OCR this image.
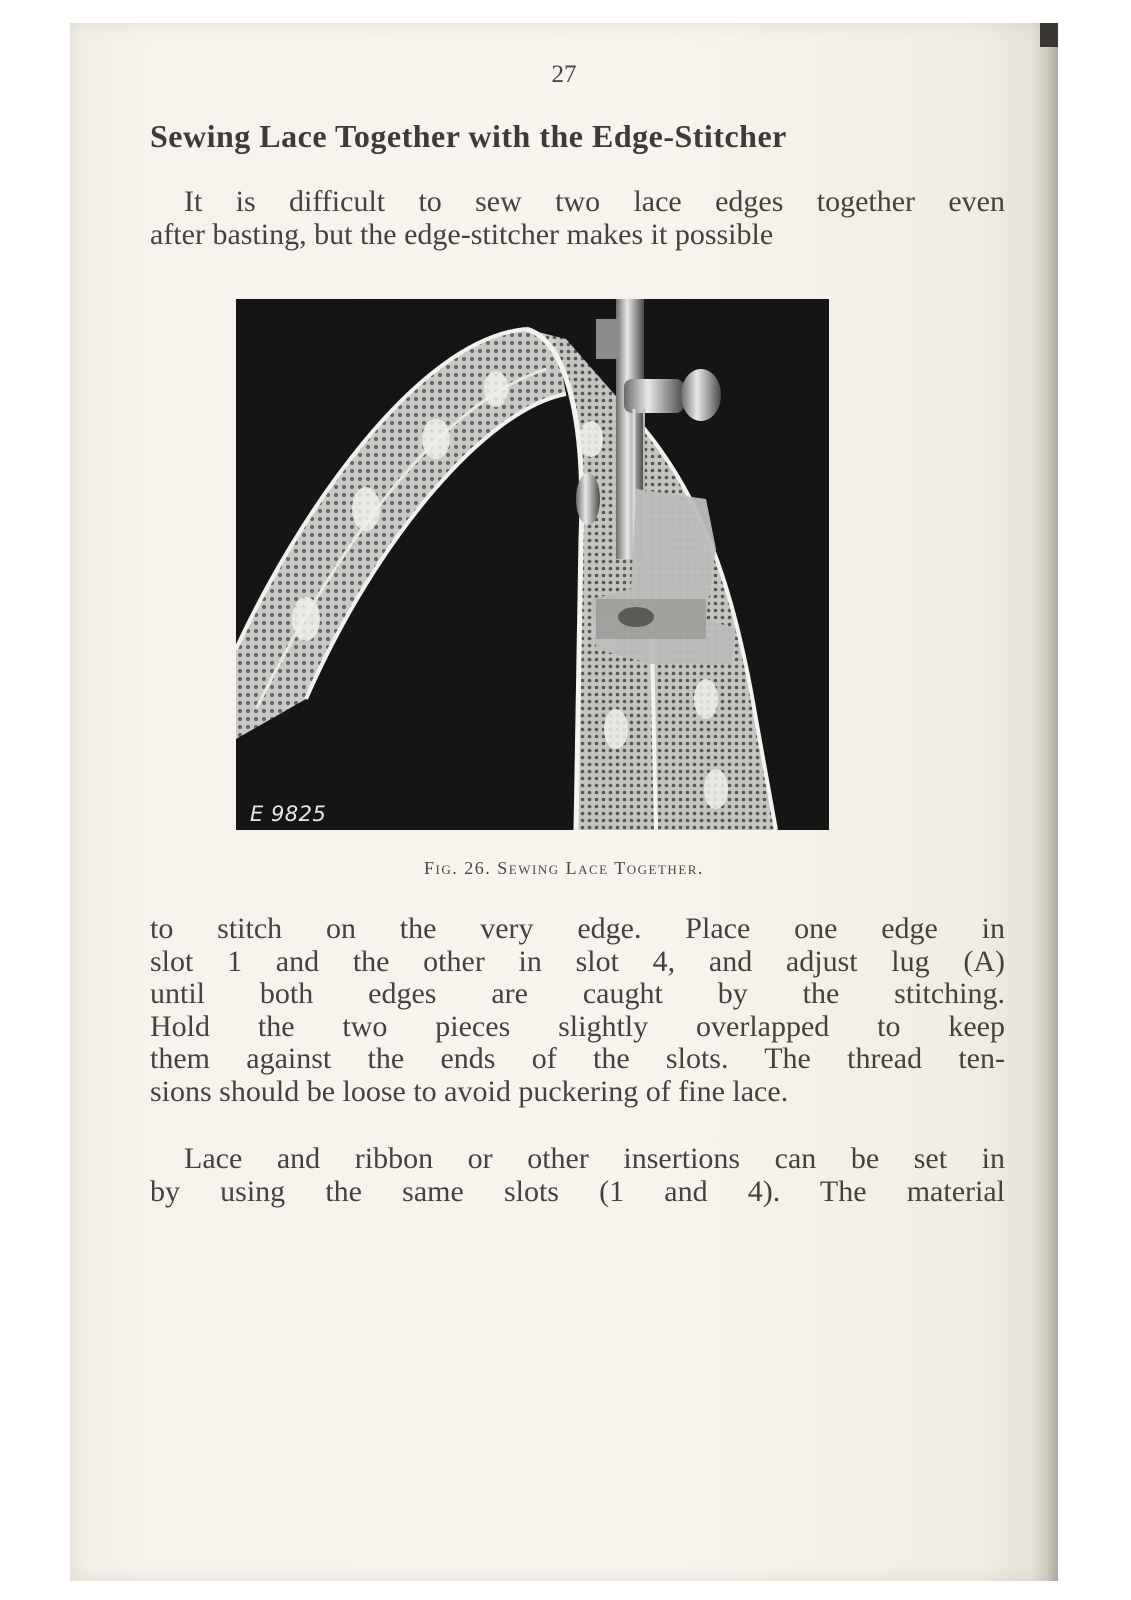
27
Sewing Lace Together with the Edge-Stitcher

It is difficult to sew two lace edges together even
after basting, but the edge-stitcher makes it possible

E 9825
Fig. 26. Sewing Lace Together.

to stitch on the very edge. Place one edge in
slot 1 and the other in slot 4, and adjust lug (A)
until both edges are caught by the stitching.
Hold the two pieces slightly overlapped to keep
them against the ends of the slots. The thread ten-
sions should be loose to avoid puckering of fine lace.

Lace and ribbon or other insertions can be set in
by using the same slots (1 and 4). The material
